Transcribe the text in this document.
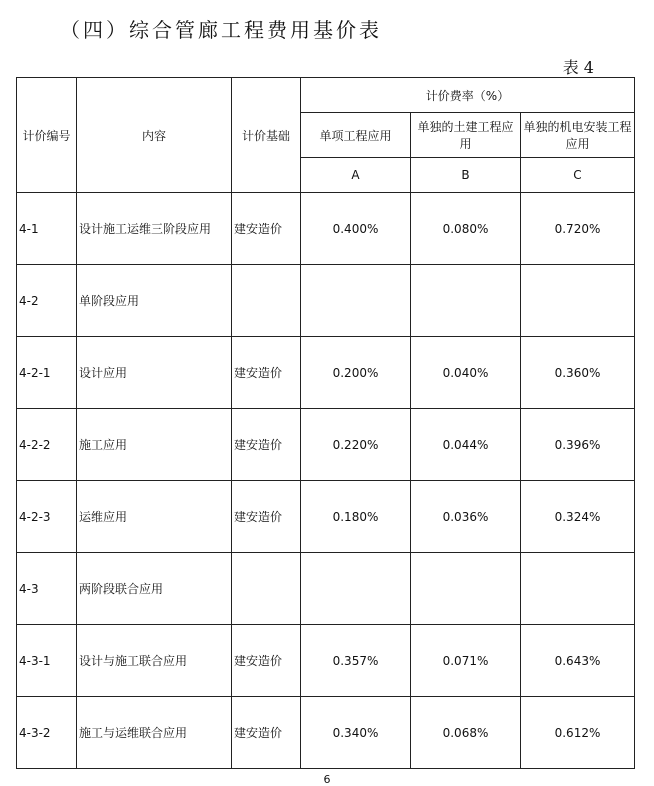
（四）综合管廊工程费用基价表
表 4
计价编号	内容	计价基础	计价费率（%）		
			单项工程应用	单独的土建工程应用	单独的机电安装工程应用
			A	B	C
4-1	设计施工运维三阶段应用	建安造价	0.400%	0.080%	0.720%
4-2	单阶段应用				
4-2-1	设计应用	建安造价	0.200%	0.040%	0.360%
4-2-2	施工应用	建安造价	0.220%	0.044%	0.396%
4-2-3	运维应用	建安造价	0.180%	0.036%	0.324%
4-3	两阶段联合应用				
4-3-1	设计与施工联合应用	建安造价	0.357%	0.071%	0.643%
4-3-2	施工与运维联合应用	建安造价	0.340%	0.068%	0.612%
6
